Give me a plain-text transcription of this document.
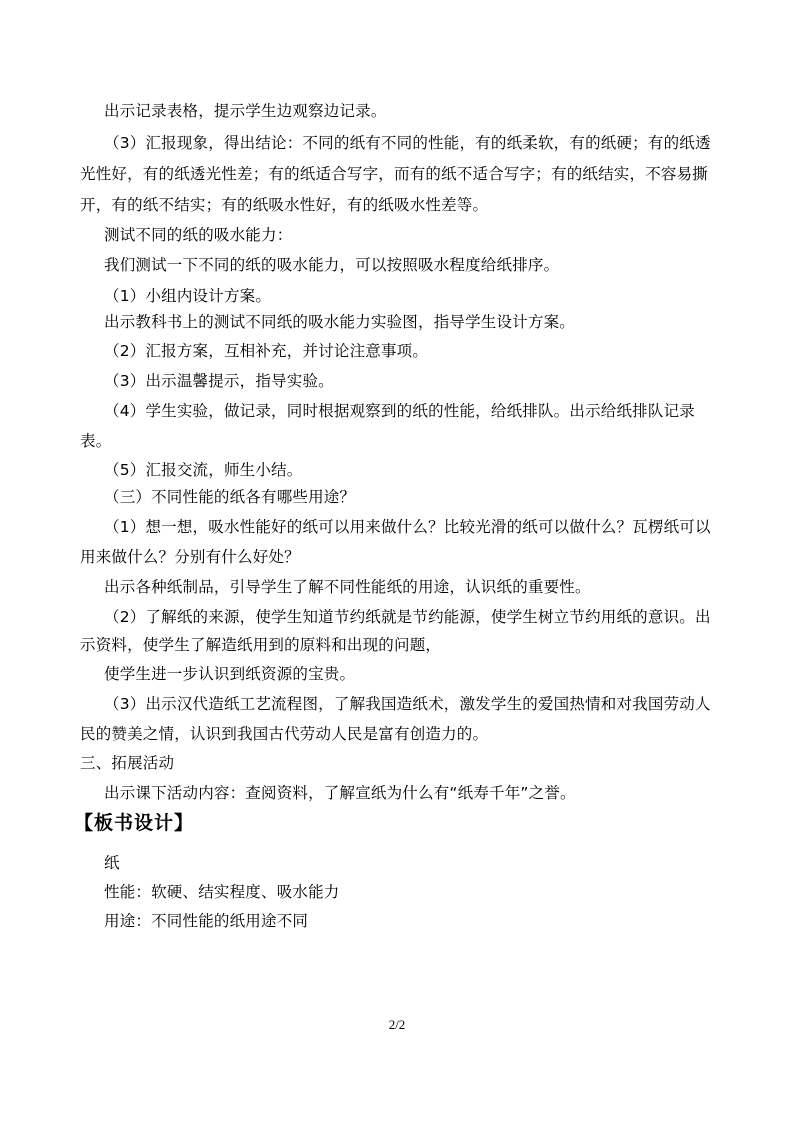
出示记录表格，提示学生边观察边记录。
（3）汇报现象，得出结论：不同的纸有不同的性能，有的纸柔软，有的纸硬；有的纸透
光性好，有的纸透光性差；有的纸适合写字，而有的纸不适合写字；有的纸结实，不容易撕
开，有的纸不结实；有的纸吸水性好，有的纸吸水性差等。
测试不同的纸的吸水能力：
我们测试一下不同的纸的吸水能力，可以按照吸水程度给纸排序。
（1）小组内设计方案。
出示教科书上的测试不同纸的吸水能力实验图，指导学生设计方案。
（2）汇报方案，互相补充，并讨论注意事项。
（3）出示温馨提示，指导实验。
（4）学生实验，做记录，同时根据观察到的纸的性能，给纸排队。出示给纸排队记录
表。
（5）汇报交流，师生小结。
（三）不同性能的纸各有哪些用途？
（1）想一想，吸水性能好的纸可以用来做什么？比较光滑的纸可以做什么？瓦楞纸可以
用来做什么？分别有什么好处？
出示各种纸制品，引导学生了解不同性能纸的用途，认识纸的重要性。
（2）了解纸的来源，使学生知道节约纸就是节约能源，使学生树立节约用纸的意识。出
示资料，使学生了解造纸用到的原料和出现的问题，
使学生进一步认识到纸资源的宝贵。
（3）出示汉代造纸工艺流程图，了解我国造纸术，激发学生的爱国热情和对我国劳动人
民的赞美之情，认识到我国古代劳动人民是富有创造力的。
三、拓展活动
出示课下活动内容：查阅资料，了解宣纸为什么有“纸寿千年”之誉。
【板书设计】
纸
性能：软硬、结实程度、吸水能力
用途：不同性能的纸用途不同
2/2
